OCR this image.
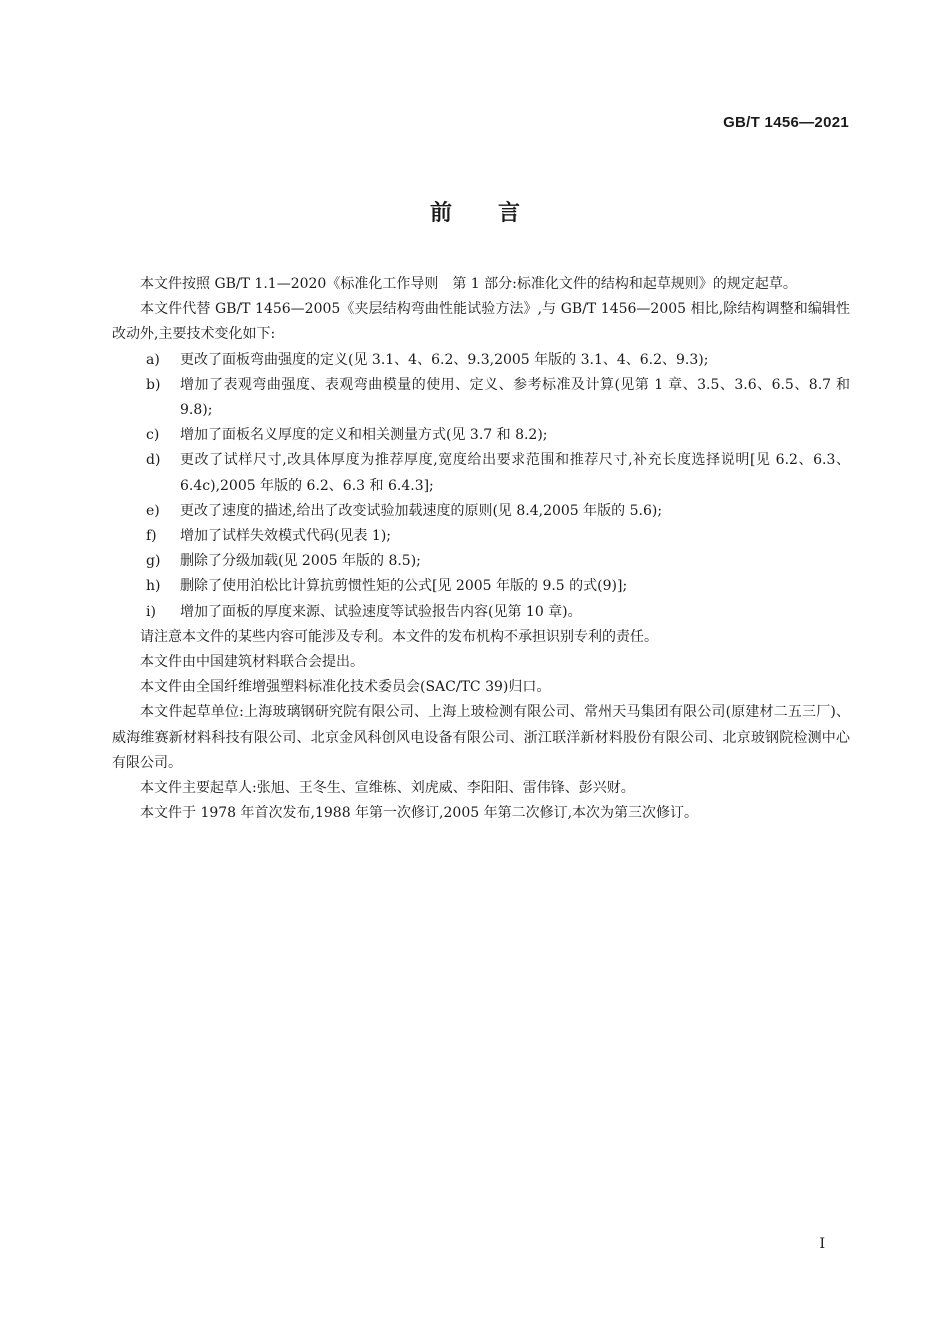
GB/T 1456—2021
前 言

本文件按照 GB/T 1.1—2020《标准化工作导则　第 1 部分:标准化文件的结构和起草规则》的规定起草。

本文件代替 GB/T 1456—2005《夹层结构弯曲性能试验方法》,与 GB/T 1456—2005 相比,除结构调整和编辑性改动外,主要技术变化如下:

a) 更改了面板弯曲强度的定义(见 3.1、4、6.2、9.3,2005 年版的 3.1、4、6.2、9.3);

b) 增加了表观弯曲强度、表观弯曲模量的使用、定义、参考标准及计算(见第 1 章、3.5、3.6、6.5、8.7 和 9.8);

c) 增加了面板名义厚度的定义和相关测量方式(见 3.7 和 8.2);

d) 更改了试样尺寸,改具体厚度为推荐厚度,宽度给出要求范围和推荐尺寸,补充长度选择说明[见 6.2、6.3、6.4c),2005 年版的 6.2、6.3 和 6.4.3];

e) 更改了速度的描述,给出了改变试验加载速度的原则(见 8.4,2005 年版的 5.6);

f) 增加了试样失效模式代码(见表 1);

g) 删除了分级加载(见 2005 年版的 8.5);

h) 删除了使用泊松比计算抗剪惯性矩的公式[见 2005 年版的 9.5 的式(9)];

i) 增加了面板的厚度来源、试验速度等试验报告内容(见第 10 章)。

请注意本文件的某些内容可能涉及专利。本文件的发布机构不承担识别专利的责任。

本文件由中国建筑材料联合会提出。

本文件由全国纤维增强塑料标准化技术委员会(SAC/TC 39)归口。

本文件起草单位:上海玻璃钢研究院有限公司、上海上玻检测有限公司、常州天马集团有限公司(原建材二五三厂)、威海维赛新材料科技有限公司、北京金风科创风电设备有限公司、浙江联洋新材料股份有限公司、北京玻钢院检测中心有限公司。

本文件主要起草人:张旭、王冬生、宣维栋、刘虎威、李阳阳、雷伟锋、彭兴财。

本文件于 1978 年首次发布,1988 年第一次修订,2005 年第二次修订,本次为第三次修订。

I
